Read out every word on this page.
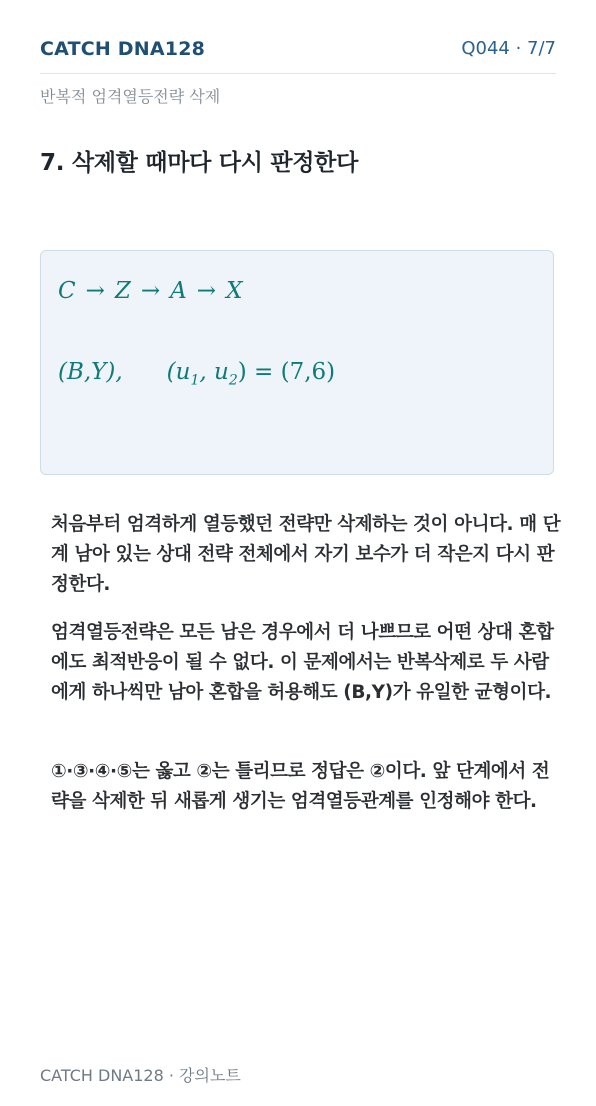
CATCH DNA128	Q044 · 7/7
반복적 엄격열등전략 삭제
7. 삭제할 때마다 다시 판정한다
C → Z → A → X
(B,Y), ($u_1$, $u_2) = (7,6)$
처음부터 엄격하게 열등했던 전략만 삭제하는 것이 아니다. 매 단계 남아 있는 상대 전략 전체에서 자기 보수가 더 작은지 다시 판정한다.
엄격열등전략은 모든 남은 경우에서 더 나쁘므로 어떤 상대 혼합에도 최적반응이 될 수 없다. 이 문제에서는 반복삭제로 두 사람에게 하나씩만 남아 혼합을 허용해도 (B,Y)가 유일한 균형이다.
①·③·④·⑤는 옳고 ②는 틀리므로 정답은 ②이다. 앞 단계에서 전략을 삭제한 뒤 새롭게 생기는 엄격열등관계를 인정해야 한다.
CATCH DNA128 · 강의노트
